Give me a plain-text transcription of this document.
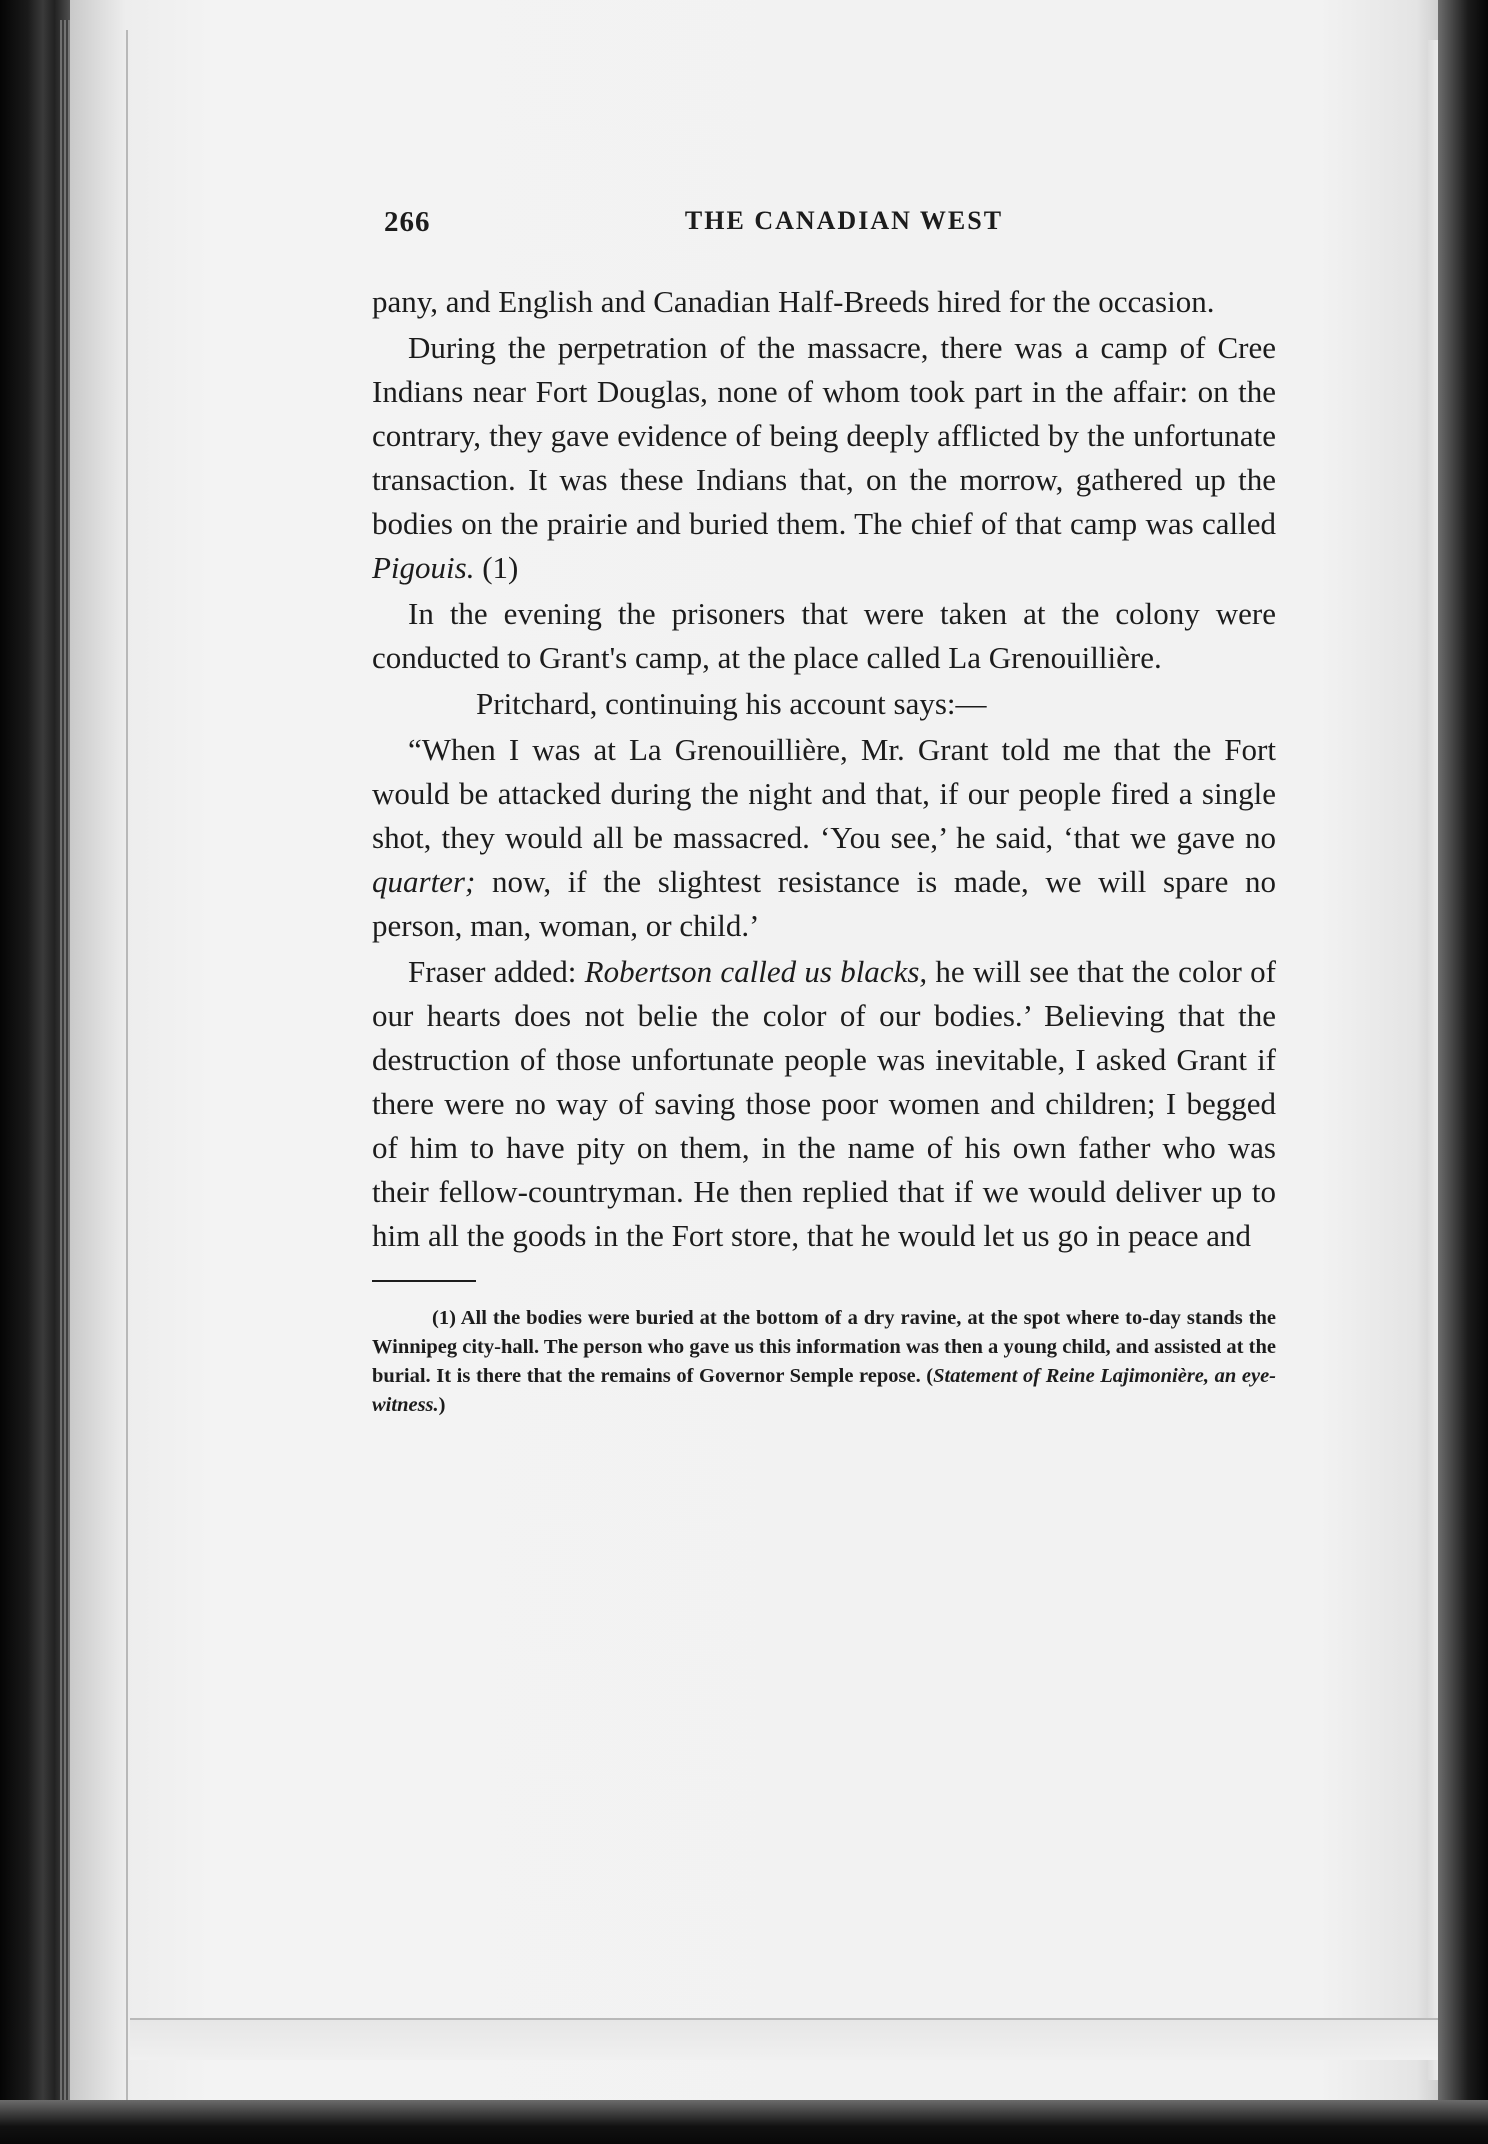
266	THE CANADIAN WEST

pany, and English and Canadian Half-Breeds hired for the occasion.

During the perpetration of the massacre, there was a camp of Cree Indians near Fort Douglas, none of whom took part in the affair: on the contrary, they gave evidence of being deeply afflicted by the unfortunate transaction. It was these Indians that, on the morrow, gathered up the bodies on the prairie and buried them. The chief of that camp was called Pigouis. (1)

In the evening the prisoners that were taken at the colony were conducted to Grant's camp, at the place called La Grenouillière.

Pritchard, continuing his account says:—

“When I was at La Grenouillière, Mr. Grant told me that the Fort would be attacked during the night and that, if our people fired a single shot, they would all be massacred. ‘You see,’ he said, ‘that we gave no quarter; now, if the slightest resistance is made, we will spare no person, man, woman, or child.’

Fraser added: Robertson called us blacks, he will see that the color of our hearts does not belie the color of our bodies.’ Believing that the destruction of those unfortunate people was inevitable, I asked Grant if there were no way of saving those poor women and children; I begged of him to have pity on them, in the name of his own father who was their fellow-countryman. He then replied that if we would deliver up to him all the goods in the Fort store, that he would let us go in peace and

(1) All the bodies were buried at the bottom of a dry ravine, at the spot where to-day stands the Winnipeg city-hall. The person who gave us this information was then a young child, and assisted at the burial. It is there that the remains of Governor Semple repose. (Statement of Reine Lajimonière, an eye-witness.)
